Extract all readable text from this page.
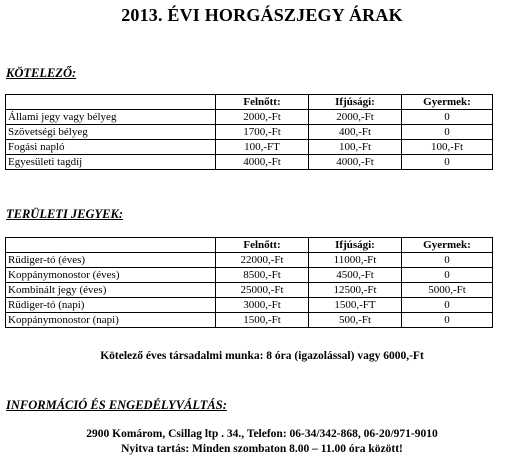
2013. ÉVI HORGÁSZJEGY ÁRAK
KÖTELEZŐ:
	Felnőtt:	Ifjúsági:	Gyermek:
Állami jegy vagy bélyeg	2000,-Ft	2000,-Ft	0
Szövetségi bélyeg	1700,-Ft	400,-Ft	0
Fogási napló	100,-FT	100,-Ft	100,-Ft
Egyesületi tagdíj	4000,-Ft	4000,-Ft	0
TERÜLETI JEGYEK:
	Felnőtt:	Ifjúsági:	Gyermek:
Rüdiger-tó (éves)	22000,-Ft	11000,-Ft	0
Koppánymonostor (éves)	8500,-Ft	4500,-Ft	0
Kombinált jegy (éves)	25000,-Ft	12500,-Ft	5000,-Ft
Rüdiger-tó (napi)	3000,-Ft	1500,-FT	0
Koppánymonostor (napi)	1500,-Ft	500,-Ft	0
Kötelező éves társadalmi munka: 8 óra (igazolással) vagy 6000,-Ft
INFORMÁCIÓ ÉS ENGEDÉLYVÁLTÁS:
2900 Komárom, Csillag ltp . 34., Telefon: 06-34/342-868, 06-20/971-9010
Nyitva tartás: Minden szombaton 8.00 – 11.00 óra között!
